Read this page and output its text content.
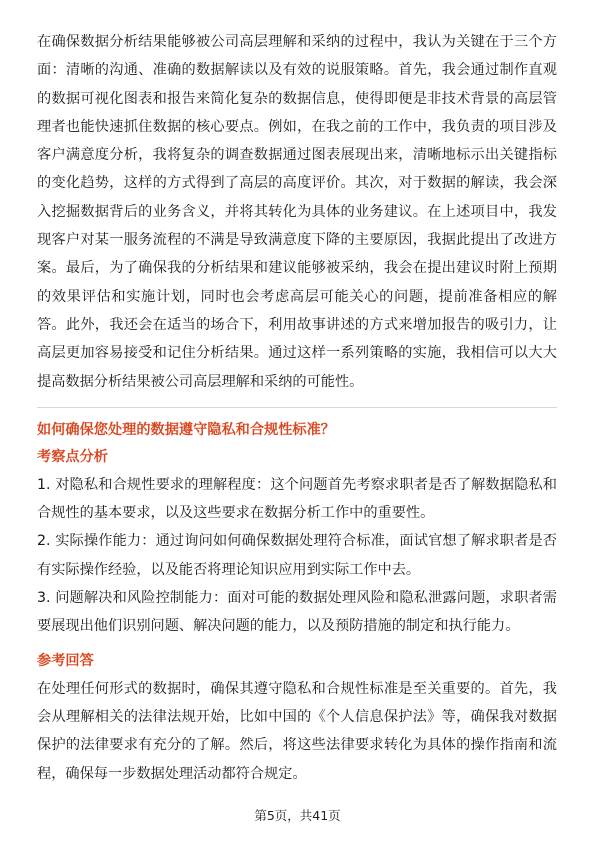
在确保数据分析结果能够被公司高层理解和采纳的过程中，我认为关键在于三个方面：清晰的沟通、准确的数据解读以及有效的说服策略。首先，我会通过制作直观的数据可视化图表和报告来简化复杂的数据信息，使得即便是非技术背景的高层管理者也能快速抓住数据的核心要点。例如，在我之前的工作中，我负责的项目涉及客户满意度分析，我将复杂的调查数据通过图表展现出来，清晰地标示出关键指标的变化趋势，这样的方式得到了高层的高度评价。其次，对于数据的解读，我会深入挖掘数据背后的业务含义，并将其转化为具体的业务建议。在上述项目中，我发现客户对某一服务流程的不满是导致满意度下降的主要原因，我据此提出了改进方案。最后，为了确保我的分析结果和建议能够被采纳，我会在提出建议时附上预期的效果评估和实施计划，同时也会考虑高层可能关心的问题，提前准备相应的解答。此外，我还会在适当的场合下，利用故事讲述的方式来增加报告的吸引力，让高层更加容易接受和记住分析结果。通过这样一系列策略的实施，我相信可以大大提高数据分析结果被公司高层理解和采纳的可能性。

如何确保您处理的数据遵守隐私和合规性标准？

考察点分析

1. 对隐私和合规性要求的理解程度：这个问题首先考察求职者是否了解数据隐私和合规性的基本要求，以及这些要求在数据分析工作中的重要性。

2. 实际操作能力：通过询问如何确保数据处理符合标准，面试官想了解求职者是否有实际操作经验，以及能否将理论知识应用到实际工作中去。

3. 问题解决和风险控制能力：面对可能的数据处理风险和隐私泄露问题，求职者需要展现出他们识别问题、解决问题的能力，以及预防措施的制定和执行能力。

参考回答

在处理任何形式的数据时，确保其遵守隐私和合规性标准是至关重要的。首先，我会从理解相关的法律法规开始，比如中国的《个人信息保护法》等，确保我对数据保护的法律要求有充分的了解。然后，将这些法律要求转化为具体的操作指南和流程，确保每一步数据处理活动都符合规定。

第5页，共41页
